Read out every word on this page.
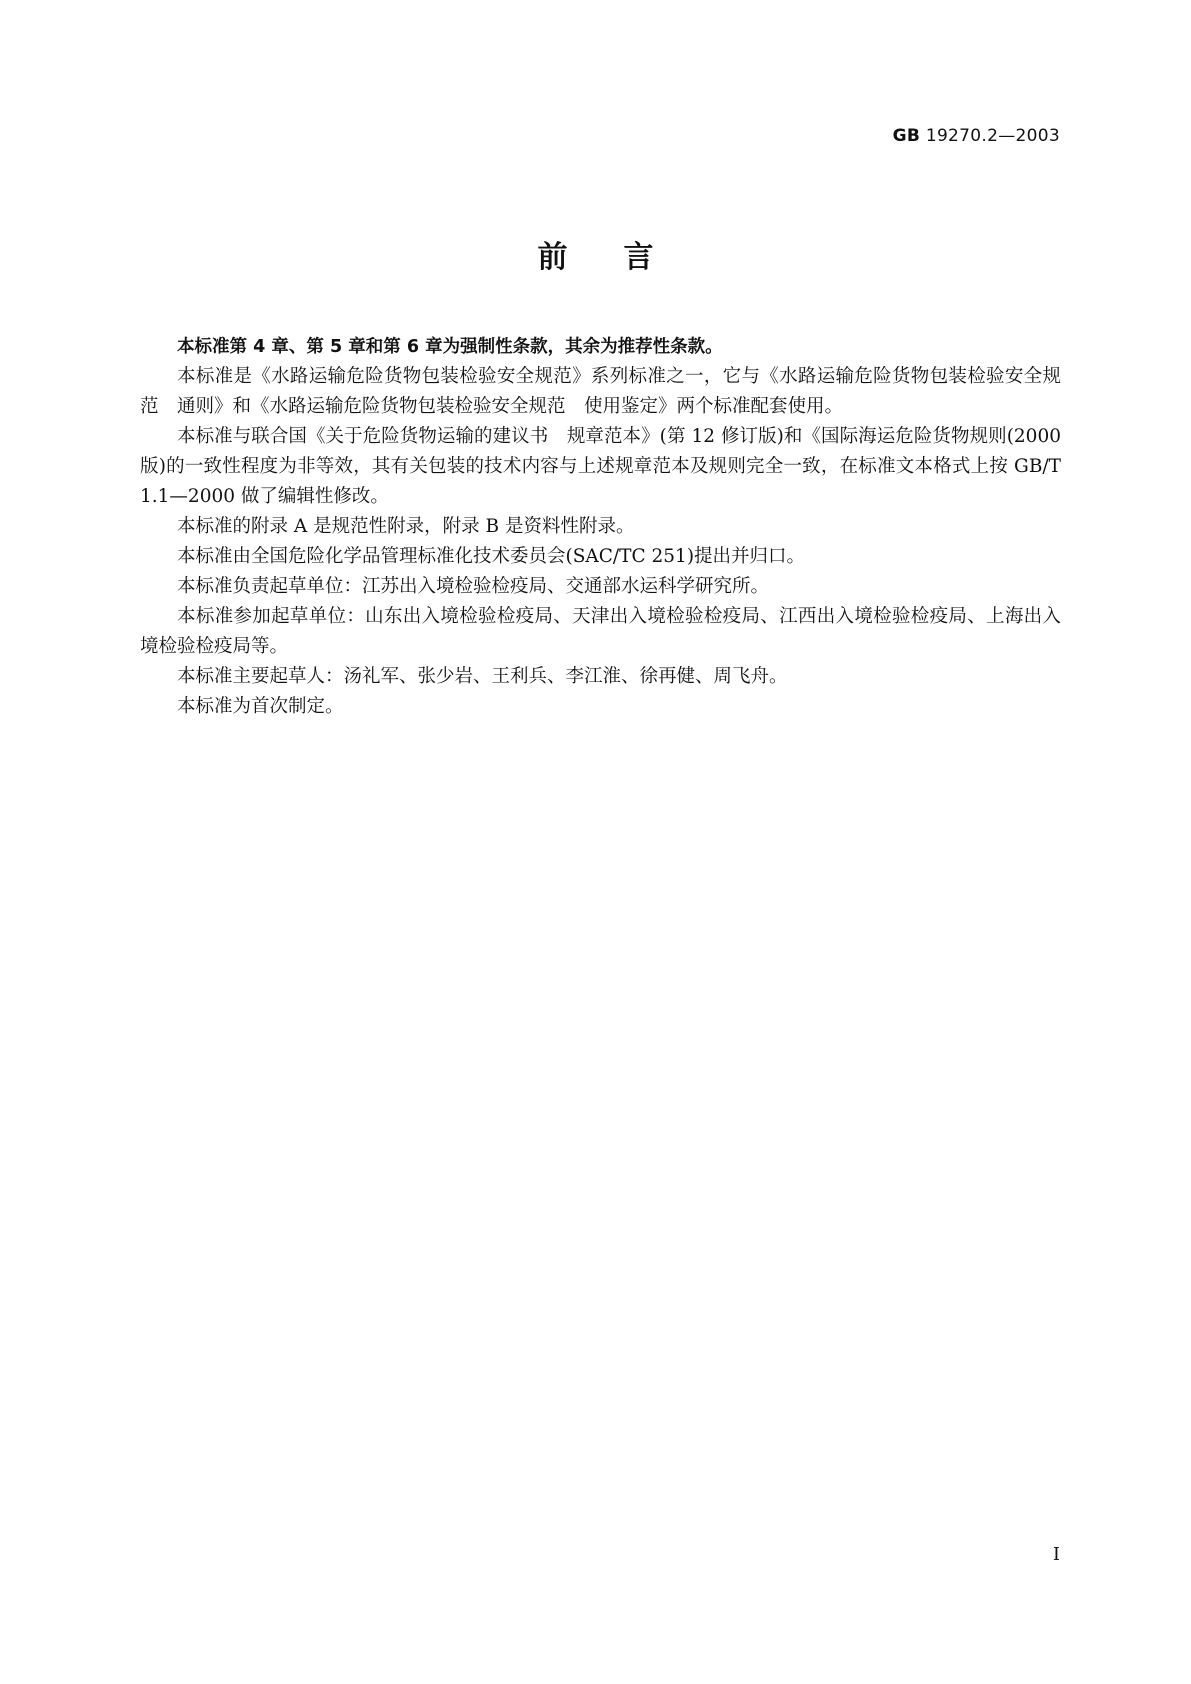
GB 19270.2—2003
前言

本标准第 4 章、第 5 章和第 6 章为强制性条款，其余为推荐性条款。

本标准是《水路运输危险货物包装检验安全规范》系列标准之一，它与《水路运输危险货物包装检验安全规范　通则》和《水路运输危险货物包装检验安全规范　使用鉴定》两个标准配套使用。

本标准与联合国《关于危险货物运输的建议书　规章范本》(第 12 修订版)和《国际海运危险货物规则(2000 版)的一致性程度为非等效，其有关包装的技术内容与上述规章范本及规则完全一致，在标准文本格式上按 GB/T 1.1—2000 做了编辑性修改。

本标准的附录 A 是规范性附录，附录 B 是资料性附录。

本标准由全国危险化学品管理标准化技术委员会(SAC/TC 251)提出并归口。

本标准负责起草单位：江苏出入境检验检疫局、交通部水运科学研究所。

本标准参加起草单位：山东出入境检验检疫局、天津出入境检验检疫局、江西出入境检验检疫局、上海出入境检验检疫局等。

本标准主要起草人：汤礼军、张少岩、王利兵、李江淮、徐再健、周飞舟。

本标准为首次制定。

I
